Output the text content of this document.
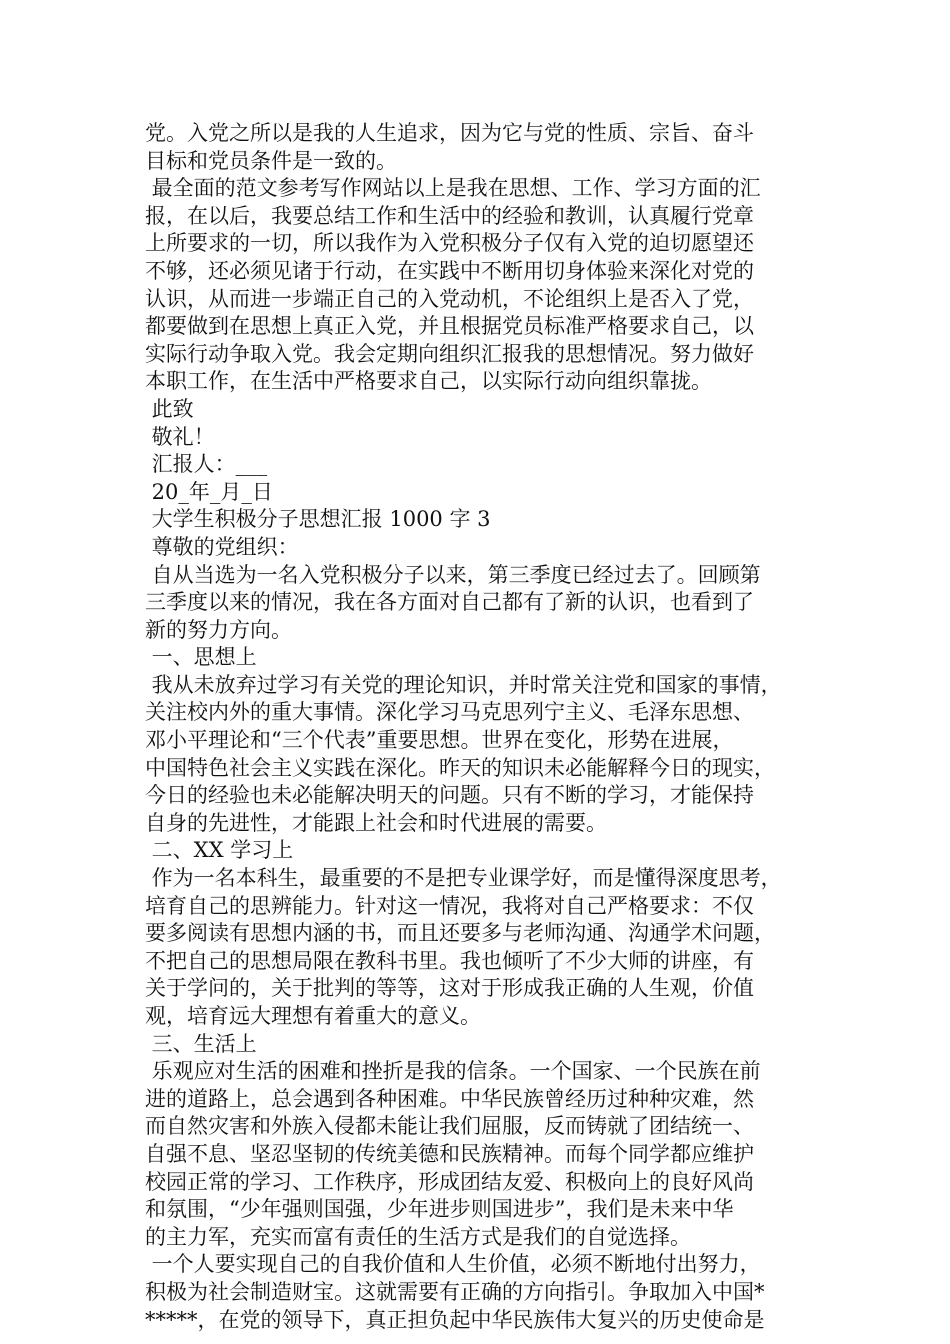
党。入党之所以是我的人生追求，因为它与党的性质、宗旨、奋斗
目标和党员条件是一致的。
最全面的范文参考写作网站以上是我在思想、工作、学习方面的汇
报，在以后，我要总结工作和生活中的经验和教训，认真履行党章
上所要求的一切，所以我作为入党积极分子仅有入党的迫切愿望还
不够，还必须见诸于行动，在实践中不断用切身体验来深化对党的
认识，从而进一步端正自己的入党动机，不论组织上是否入了党，
都要做到在思想上真正入党，并且根据党员标准严格要求自己，以
实际行动争取入党。我会定期向组织汇报我的思想情况。努力做好
本职工作，在生活中严格要求自己，以实际行动向组织靠拢。
此致
敬礼！
汇报人：___
20_年_月_日
大学生积极分子思想汇报 1000 字 3
尊敬的党组织：
自从当选为一名入党积极分子以来，第三季度已经过去了。回顾第
三季度以来的情况，我在各方面对自己都有了新的认识，也看到了
新的努力方向。
一、思想上
我从未放弃过学习有关党的理论知识，并时常关注党和国家的事情，
关注校内外的重大事情。深化学习马克思列宁主义、毛泽东思想、
邓小平理论和“三个代表”重要思想。世界在变化，形势在进展，
中国特色社会主义实践在深化。昨天的知识未必能解释今日的现实，
今日的经验也未必能解决明天的问题。只有不断的学习，才能保持
自身的先进性，才能跟上社会和时代进展的需要。
二、XX 学习上
作为一名本科生，最重要的不是把专业课学好，而是懂得深度思考，
培育自己的思辨能力。针对这一情况，我将对自己严格要求：不仅
要多阅读有思想内涵的书，而且还要多与老师沟通、沟通学术问题，
不把自己的思想局限在教科书里。我也倾听了不少大师的讲座，有
关于学问的，关于批判的等等，这对于形成我正确的人生观，价值
观，培育远大理想有着重大的意义。
三、生活上
乐观应对生活的困难和挫折是我的信条。一个国家、一个民族在前
进的道路上，总会遇到各种困难。中华民族曾经历过种种灾难，然
而自然灾害和外族入侵都未能让我们屈服，反而铸就了团结统一、
自强不息、坚忍坚韧的传统美德和民族精神。而每个同学都应维护
校园正常的学习、工作秩序，形成团结友爱、积极向上的良好风尚
和氛围，“少年强则国强，少年进步则国进步”，我们是未来中华
的主力军，充实而富有责任的生活方式是我们的自觉选择。
一个人要实现自己的自我价值和人生价值，必须不断地付出努力，
积极为社会制造财宝。这就需要有正确的方向指引。争取加入中国*
*****，在党的领导下，真正担负起中华民族伟大复兴的历史使命是
